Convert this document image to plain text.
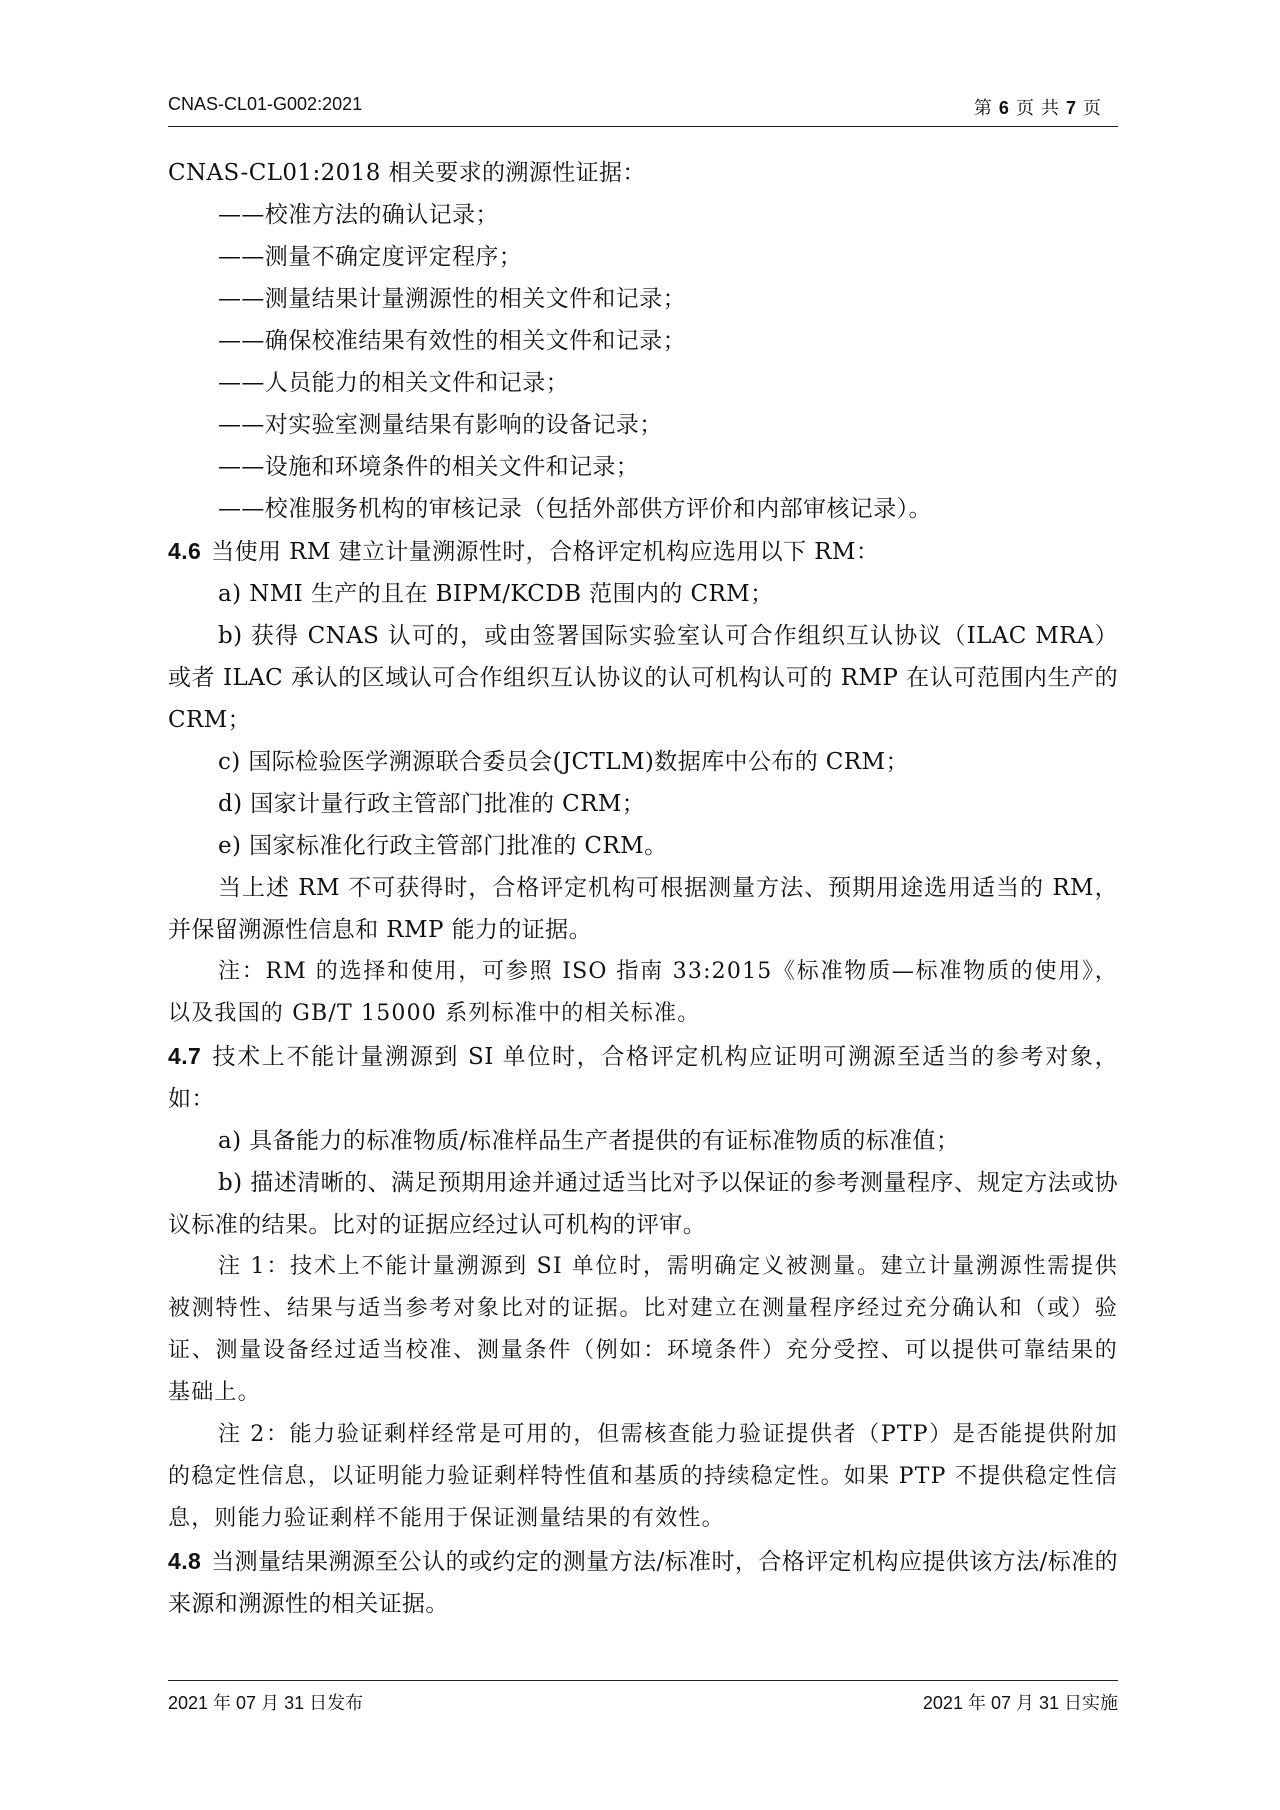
CNAS-CL01-G002:2021	第 6 页 共 7 页

CNAS-CL01:2018 相关要求的溯源性证据：

——校准方法的确认记录；

——测量不确定度评定程序；

——测量结果计量溯源性的相关文件和记录；

——确保校准结果有效性的相关文件和记录；

——人员能力的相关文件和记录；

——对实验室测量结果有影响的设备记录；

——设施和环境条件的相关文件和记录；

——校准服务机构的审核记录（包括外部供方评价和内部审核记录）。

4.6 当使用 RM 建立计量溯源性时，合格评定机构应选用以下 RM：

a) NMI 生产的且在 BIPM/KCDB 范围内的 CRM；

b) 获得 CNAS 认可的，或由签署国际实验室认可合作组织互认协议（ILAC MRA）或者 ILAC 承认的区域认可合作组织互认协议的认可机构认可的 RMP 在认可范围内生产的 CRM；

c) 国际检验医学溯源联合委员会(JCTLM)数据库中公布的 CRM；

d) 国家计量行政主管部门批准的 CRM；

e) 国家标准化行政主管部门批准的 CRM。

当上述 RM 不可获得时，合格评定机构可根据测量方法、预期用途选用适当的 RM，并保留溯源性信息和 RMP 能力的证据。

注：RM 的选择和使用，可参照 ISO 指南 33:2015《标准物质—标准物质的使用》，以及我国的 GB/T 15000 系列标准中的相关标准。

4.7 技术上不能计量溯源到 SI 单位时，合格评定机构应证明可溯源至适当的参考对象，如：

a) 具备能力的标准物质/标准样品生产者提供的有证标准物质的标准值；

b) 描述清晰的、满足预期用途并通过适当比对予以保证的参考测量程序、规定方法或协议标准的结果。比对的证据应经过认可机构的评审。

注 1：技术上不能计量溯源到 SI 单位时，需明确定义被测量。建立计量溯源性需提供被测特性、结果与适当参考对象比对的证据。比对建立在测量程序经过充分确认和（或）验证、测量设备经过适当校准、测量条件（例如：环境条件）充分受控、可以提供可靠结果的基础上。

注 2：能力验证剩样经常是可用的，但需核查能力验证提供者（PTP）是否能提供附加的稳定性信息，以证明能力验证剩样特性值和基质的持续稳定性。如果 PTP 不提供稳定性信息，则能力验证剩样不能用于保证测量结果的有效性。

4.8 当测量结果溯源至公认的或约定的测量方法/标准时，合格评定机构应提供该方法/标准的来源和溯源性的相关证据。

2021 年 07 月 31 日发布	2021 年 07 月 31 日实施
